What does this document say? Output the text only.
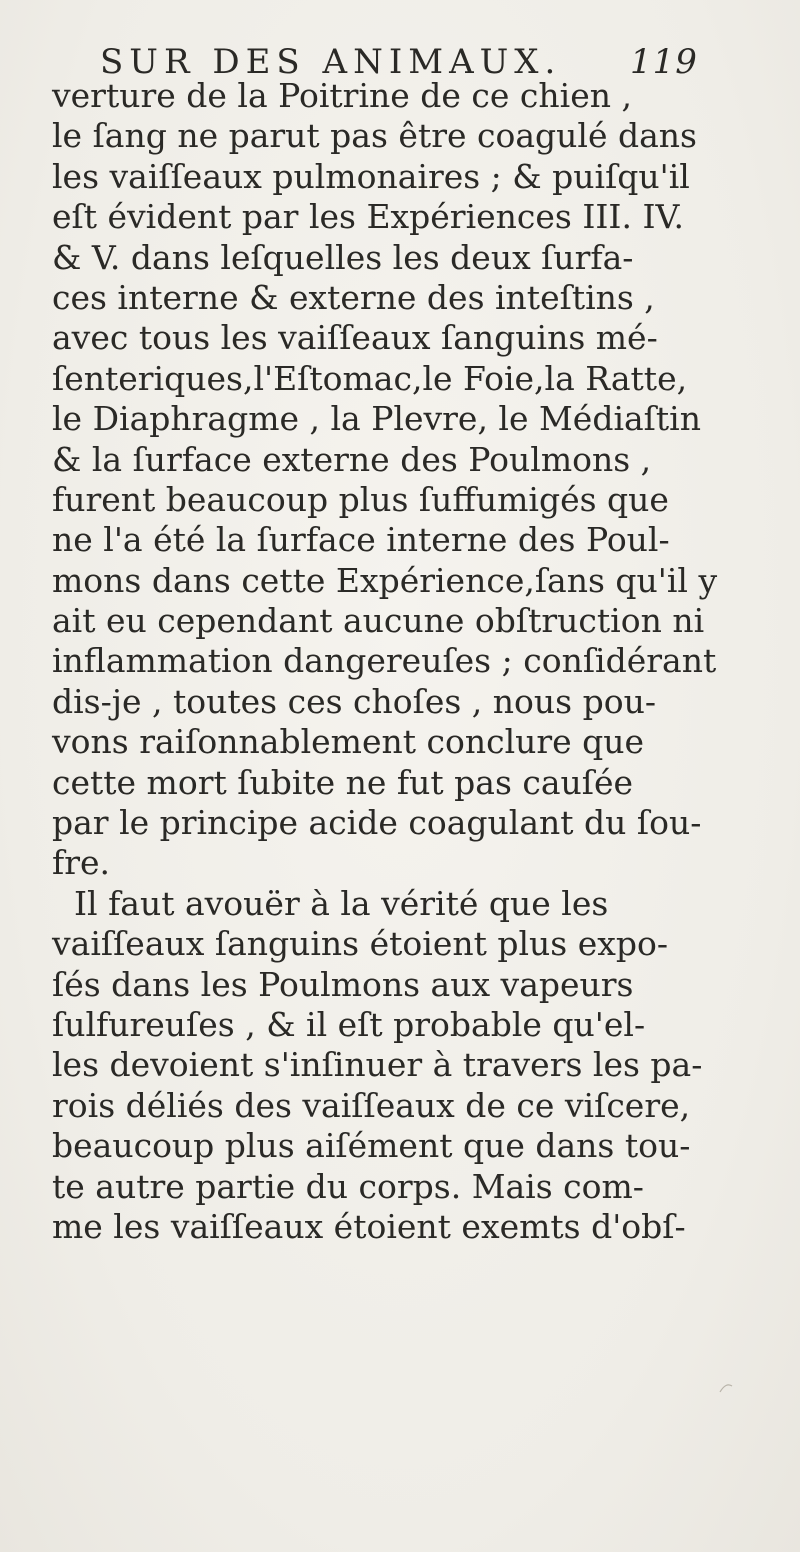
SUR DES ANIMAUX. 119
verture de la Poitrine de ce chien ,
le ſang ne parut pas être coagulé dans
les vaiſſeaux pulmonaires ; & puiſqu'il
eſt évident par les Expériences III. IV.
& V. dans leſquelles les deux ſurfa-
ces interne & externe des inteſtins ,
avec tous les vaiſſeaux ſanguins mé-
ſenteriques,l'Eſtomac,le Foie,la Ratte,
le Diaphragme , la Plevre, le Médiaſtin
& la ſurface externe des Poulmons ,
furent beaucoup plus ſuffumigés que
ne l'a été la ſurface interne des Poul-
mons dans cette Expérience,ſans qu'il y
ait eu cependant aucune obſtruction ni
inflammation dangereuſes ; conſidérant
dis-je , toutes ces choſes , nous pou-
vons raiſonnablement conclure que
cette mort ſubite ne fut pas cauſée
par le principe acide coagulant du ſou-
fre.
Il faut avouër à la vérité que les
vaiſſeaux ſanguins étoient plus expo-
ſés dans les Poulmons aux vapeurs
ſulfureuſes , & il eſt probable qu'el-
les devoient s'inſinuer à travers les pa-
rois déliés des vaiſſeaux de ce viſcere,
beaucoup plus aiſément que dans tou-
te autre partie du corps. Mais com-
me les vaiſſeaux étoient exemts d'obſ-
